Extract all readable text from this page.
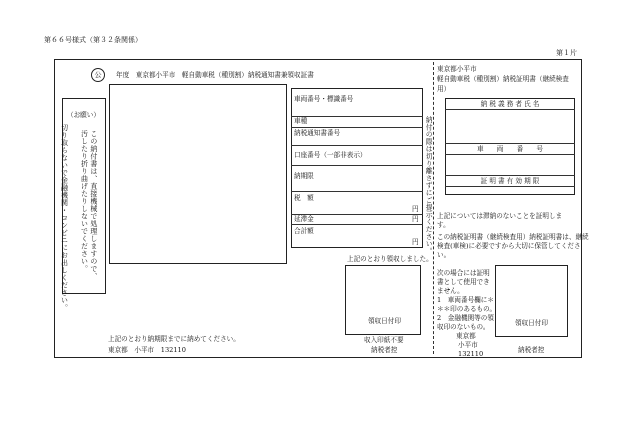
第６６号様式（第３２条関係）
第１片
公	年度　東京都小平市　軽自動車税（種別割）納税通知書兼領収証書
（お願い）
この納付書は、直接機械で処理しますので、
汚したり折り曲げたりしないでください。
切り取らないで金融機関・コンビニにお出しください。
車両番号・標識番号
車種
納税通知書番号
口座番号（一部非表示）
納期限
税　額
円
延滞金	円
合計額
円 納付の際は切り離さずにご提示ください。
上記のとおり領収しました。
領収日付印
収入印紙不要
納税者控
上記のとおり納期限までに納めてください。
東京都　小平市　132110
東京都小平市
軽自動車税（種別割）納税証明書（継続検査
用）
納 税 義 務 者 氏 名
車　　両　　番　　号
証 明 書 有 効 期 限
上記については滞納のないことを証明しま
す。
この納税証明書（継続検査用）納税証明書は、継続
検査(車検)に必要ですから大切に保管してくださ
い。
次の場合には証明
書として使用でき
ません。
1　車両番号欄に＊
＊＊印のあるもの。
2　金融機関等の領
収印のないもの。
東京都
小平市
132110
領収日付印
納税者控
